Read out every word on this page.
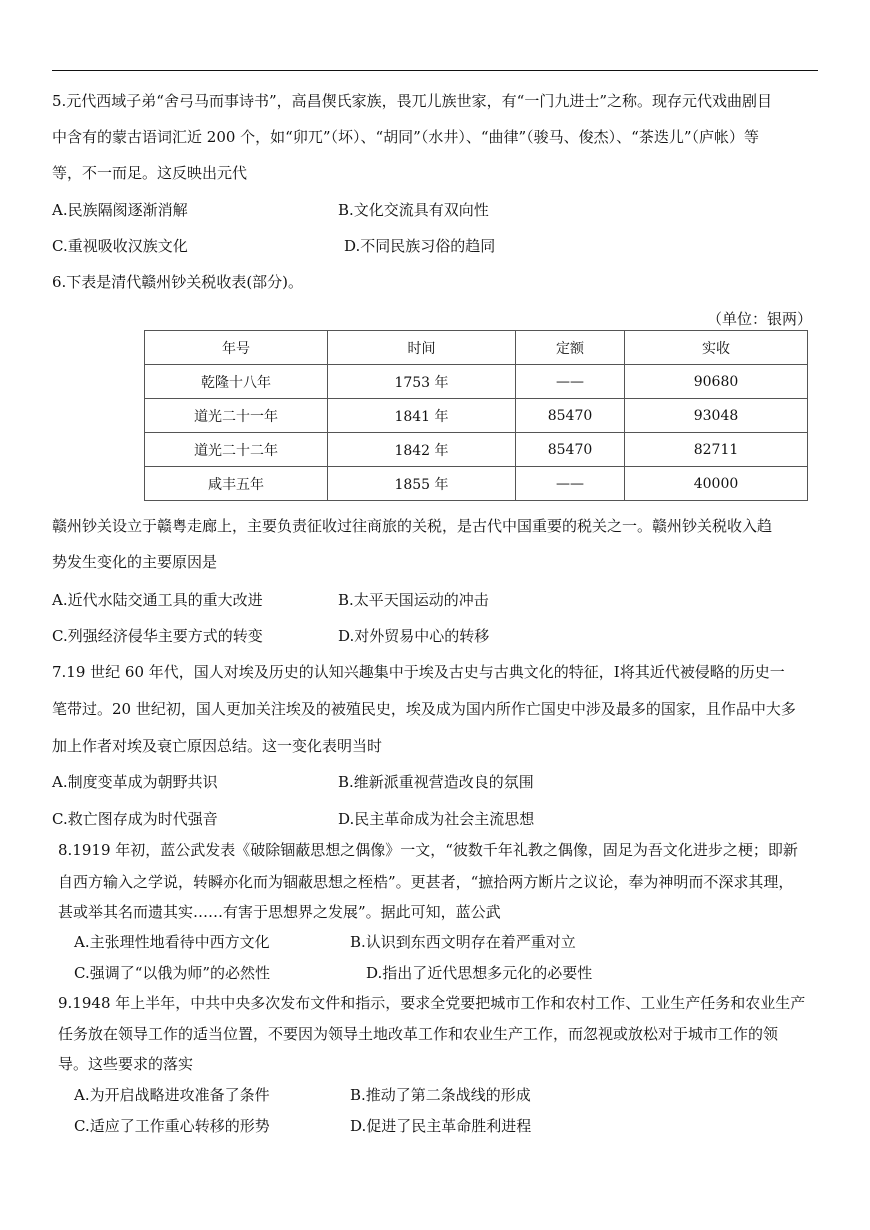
5.元代西域子弟“舍弓马而事诗书”，高昌偰氏家族，畏兀儿族世家，有“一门九进士”之称。现存元代戏曲剧目
中含有的蒙古语词汇近 200 个，如“卯兀”（坏）、“胡同”（水井）、“曲律”（骏马、俊杰）、“茶迭儿”（庐帐）等
等，不一而足。这反映出元代
A.民族隔阂逐渐消解	B.文化交流具有双向性
C.重视吸收汉族文化	D.不同民族习俗的趋同
6.下表是清代赣州钞关税收表(部分)。
（单位：银两）
年号	时间	定额	实收
乾隆十八年	1753 年	——	90680
道光二十一年	1841 年	85470	93048
道光二十二年	1842 年	85470	82711
咸丰五年	1855 年	——	40000
赣州钞关设立于赣粤走廊上，主要负责征收过往商旅的关税，是古代中国重要的税关之一。赣州钞关税收入趋
势发生变化的主要原因是
A.近代水陆交通工具的重大改进	B.太平天国运动的冲击
C.列强经济侵华主要方式的转变	D.对外贸易中心的转移
7.19 世纪 60 年代，国人对埃及历史的认知兴趣集中于埃及古史与古典文化的特征，I将其近代被侵略的历史一
笔带过。20 世纪初，国人更加关注埃及的被殖民史，埃及成为国内所作亡国史中涉及最多的国家，且作品中大多
加上作者对埃及衰亡原因总结。这一变化表明当时
A.制度变革成为朝野共识	B.维新派重视营造改良的氛围
C.救亡图存成为时代强音	D.民主革命成为社会主流思想
8.1919 年初，蓝公武发表《破除锢蔽思想之偶像》一文，“彼数千年礼教之偶像，固足为吾文化进步之梗；即新
自西方输入之学说，转瞬亦化而为锢蔽思想之桎梏”。更甚者，“摭拾两方断片之议论，奉为神明而不深求其理，
甚或举其名而遗其实……有害于思想界之发展”。据此可知，蓝公武
A.主张理性地看待中西方文化	B.认识到东西文明存在着严重对立
C.强调了“以俄为师”的必然性	D.指出了近代思想多元化的必要性
9.1948 年上半年，中共中央多次发布文件和指示，要求全党要把城市工作和农村工作、工业生产任务和农业生产
任务放在领导工作的适当位置，不要因为领导土地改革工作和农业生产工作，而忽视或放松对于城市工作的领
导。这些要求的落实
A.为开启战略进攻准备了条件	B.推动了第二条战线的形成
C.适应了工作重心转移的形势	D.促进了民主革命胜利进程
